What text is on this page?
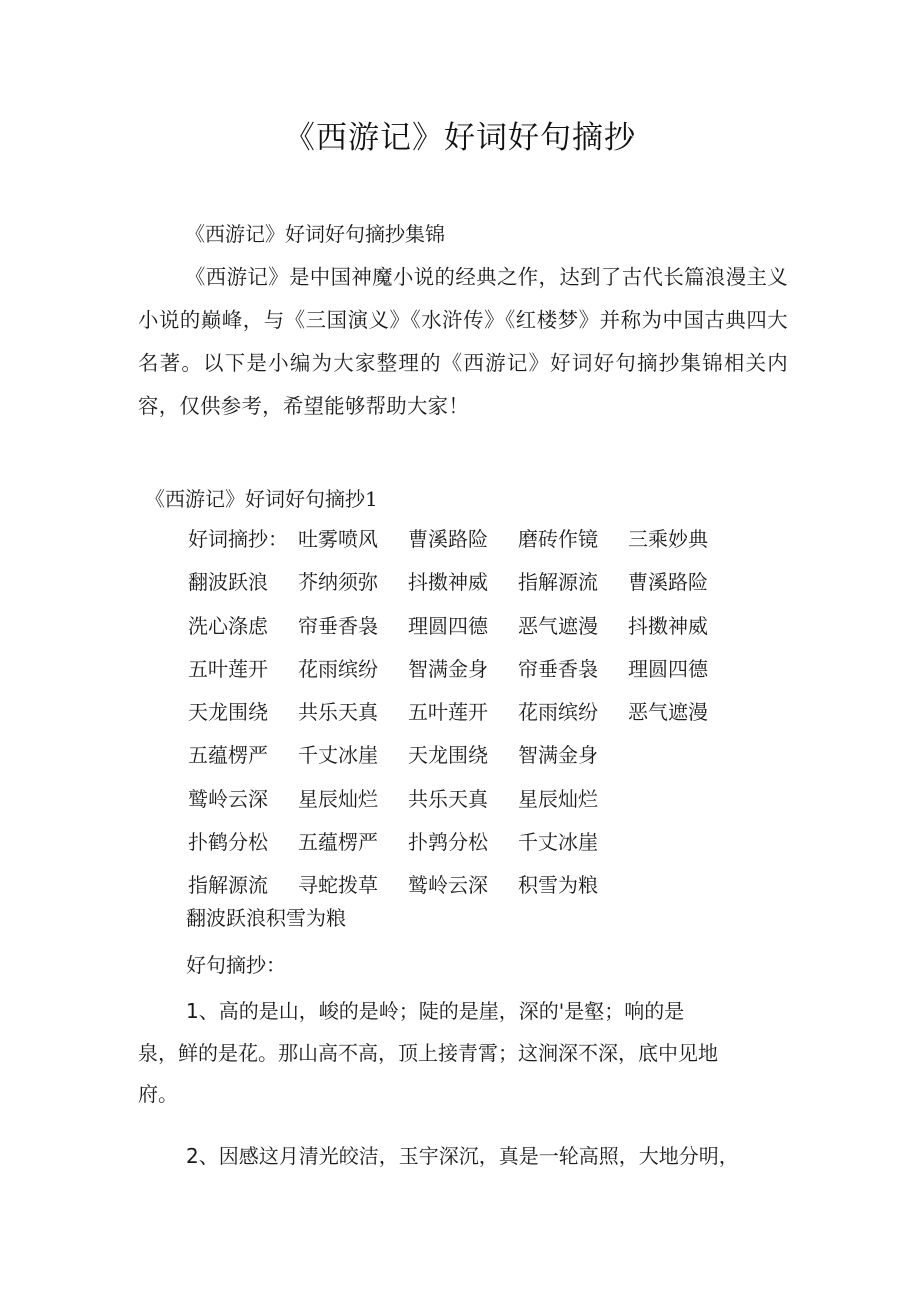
《西游记》好词好句摘抄
《西游记》好词好句摘抄集锦
《西游记》是中国神魔小说的经典之作，达到了古代长篇浪漫主义小说的巅峰，与《三国演义》《水浒传》《红楼梦》并称为中国古典四大名著。以下是小编为大家整理的《西游记》好词好句摘抄集锦相关内容，仅供参考，希望能够帮助大家！
《西游记》好词好句摘抄1
好词摘抄： 吐雾喷风 曹溪路险 磨砖作镜 三乘妙典
翻波跃浪 芥纳须弥 抖擞神威 指解源流 曹溪路险
洗心涤虑 帘垂香袅 理圆四德 恶气遮漫 抖擞神威
五叶莲开 花雨缤纷 智满金身 帘垂香袅 理圆四德
天龙围绕 共乐天真 五叶莲开 花雨缤纷 恶气遮漫
五蕴楞严 千丈冰崖 天龙围绕 智满金身
鹫岭云深 星辰灿烂 共乐天真 星辰灿烂
扑鹤分松 五蕴楞严 扑鹑分松 千丈冰崖
指解源流 寻蛇拨草 鹫岭云深 积雪为粮
翻波跃浪积雪为粮
好句摘抄：
1、高的是山，峻的是岭；陡的是崖，深的'是壑；响的是
泉，鲜的是花。那山高不高，顶上接青霄；这涧深不深，底中见地
府。
2、因感这月清光皎洁，玉宇深沉，真是一轮高照，大地分明，
